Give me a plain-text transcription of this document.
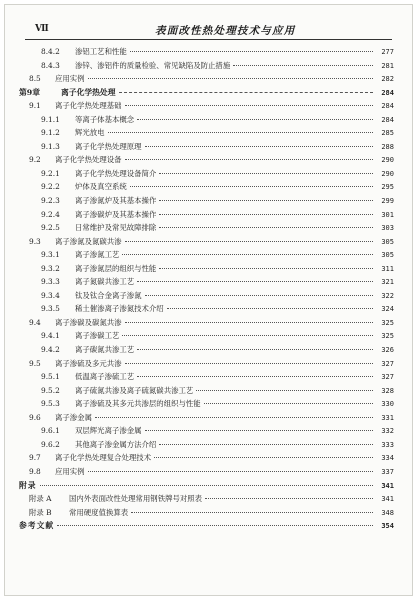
Ⅶ	表面改性热处理技术与应用
8.4.2	渗铝工艺和性能	277
8.4.3	渗锌、渗铝件的质量检验、常见缺陷及防止措施	281
8.5	应用实例	282
第9章	离子化学热处理	284
9.1	离子化学热处理基础	284
9.1.1	等离子体基本概念	284
9.1.2	辉光放电	285
9.1.3	离子化学热处理原理	288
9.2	离子化学热处理设备	290
9.2.1	离子化学热处理设备简介	290
9.2.2	炉体及真空系统	295
9.2.3	离子渗氮炉及其基本操作	299
9.2.4	离子渗碳炉及其基本操作	301
9.2.5	日常维护及常见故障排除	303
9.3	离子渗氮及氮碳共渗	305
9.3.1	离子渗氮工艺	305
9.3.2	离子渗氮层的组织与性能	311
9.3.3	离子氮碳共渗工艺	321
9.3.4	钛及钛合金离子渗氮	322
9.3.5	稀土催渗离子渗氮技术介绍	324
9.4	离子渗碳及碳氮共渗	325
9.4.1	离子渗碳工艺	325
9.4.2	离子碳氮共渗工艺	326
9.5	离子渗硫及多元共渗	327
9.5.1	低温离子渗硫工艺	327
9.5.2	离子硫氮共渗及离子硫氮碳共渗工艺	328
9.5.3	离子渗硫及其多元共渗层的组织与性能	330
9.6	离子渗金属	331
9.6.1	双层辉光离子渗金属	332
9.6.2	其他离子渗金属方法介绍	333
9.7	离子化学热处理复合处理技术	334
9.8	应用实例	337
附录	341
附录 A	国内外表面改性处理常用钢铁牌号对照表	341
附录 B	常用硬度值换算表	348
参考文献	354
